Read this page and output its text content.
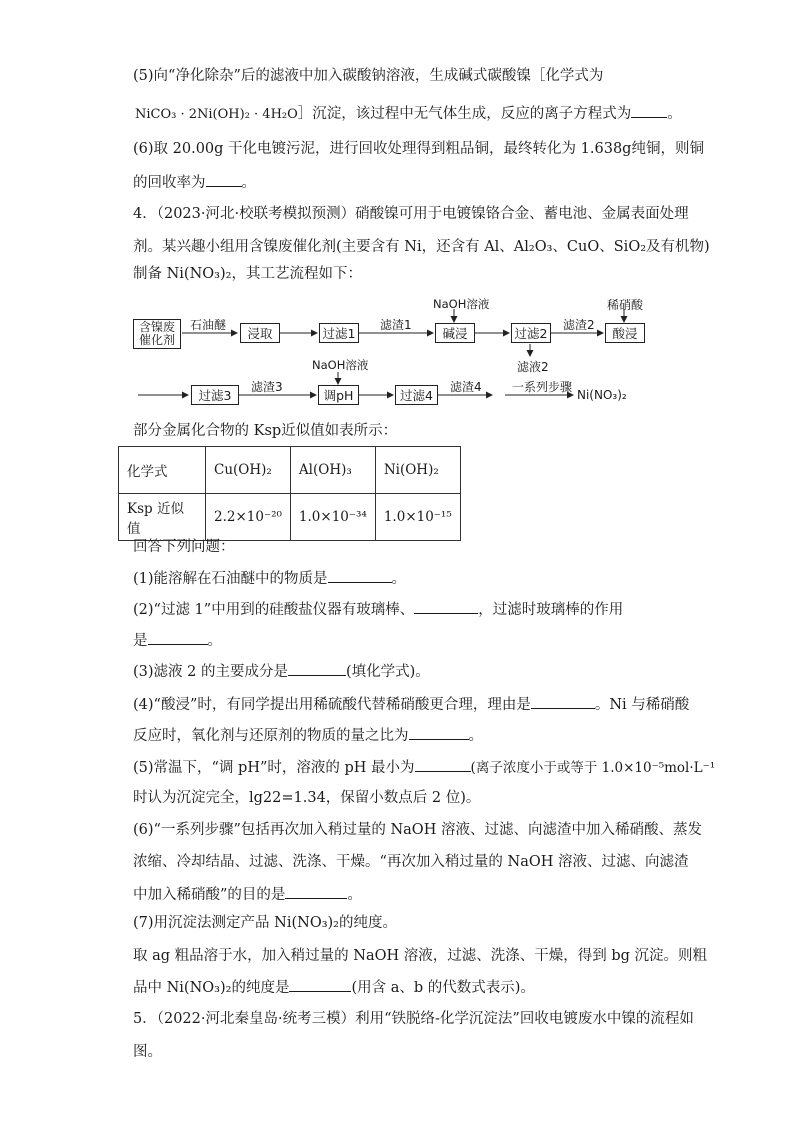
(5)向“净化除杂”后的滤液中加入碳酸钠溶液，生成碱式碳酸镍［化学式为
NiCO₃ · 2Ni(OH)₂ · 4H₂O］沉淀，该过程中无气体生成，反应的离子方程式为 。
(6)取 20.00g 干化电镀污泥，进行回收处理得到粗品铜，最终转化为 1.638g纯铜，则铜
的回收率为 。
4．（2023·河北·校联考模拟预测）硝酸镍可用于电镀镍铬合金、蓄电池、金属表面处理
剂。某兴趣小组用含镍废催化剂(主要含有 Ni，还含有 Al、Al₂O₃、CuO、SiO₂及有机物)
制备 Ni(NO₃)₂，其工艺流程如下：
含镍废催化剂
石油醚
浸取	过滤1
滤渣1
NaOH溶液
碱浸	过滤2
滤液2
滤渣2
稀硝酸
酸浸
过滤3
滤渣3
NaOH溶液
调pH	过滤4
滤渣4	一系列步骤
Ni(NO₃)₂
部分金属化合物的 Ksp近似值如表所示：
化学式	Cu(OH)₂	Al(OH)₃	Ni(OH)₂
Ksp 近似值	2.2×10⁻²⁰	1.0×10⁻³⁴	1.0×10⁻¹⁵
回答下列问题：
(1)能溶解在石油醚中的物质是	。
(2)“过滤 1”中用到的硅酸盐仪器有玻璃棒、	，过滤时玻璃棒的作用
是	。
(3)滤液 2 的主要成分是	(填化学式)。
(4)“酸浸”时，有同学提出用稀硫酸代替稀硝酸更合理，理由是	。Ni 与稀硝酸
反应时，氧化剂与还原剂的物质的量之比为	。
(5)常温下，“调 pH”时，溶液的 pH 最小为	(离子浓度小于或等于 1.0×10⁻⁵mol·L⁻¹
时认为沉淀完全，lg22=1.34，保留小数点后 2 位)。
(6)“一系列步骤”包括再次加入稍过量的 NaOH 溶液、过滤、向滤渣中加入稀硝酸、蒸发
浓缩、冷却结晶、过滤、洗涤、干燥。“再次加入稍过量的 NaOH 溶液、过滤、向滤渣
中加入稀硝酸”的目的是	。
(7)用沉淀法测定产品 Ni(NO₃)₂的纯度。
取 ag 粗品溶于水，加入稍过量的 NaOH 溶液，过滤、洗涤、干燥，得到 bg 沉淀。则粗
品中 Ni(NO₃)₂的纯度是	(用含 a、b 的代数式表示)。
5．（2022·河北秦皇岛·统考三模）利用“铁脱络-化学沉淀法”回收电镀废水中镍的流程如
图。
